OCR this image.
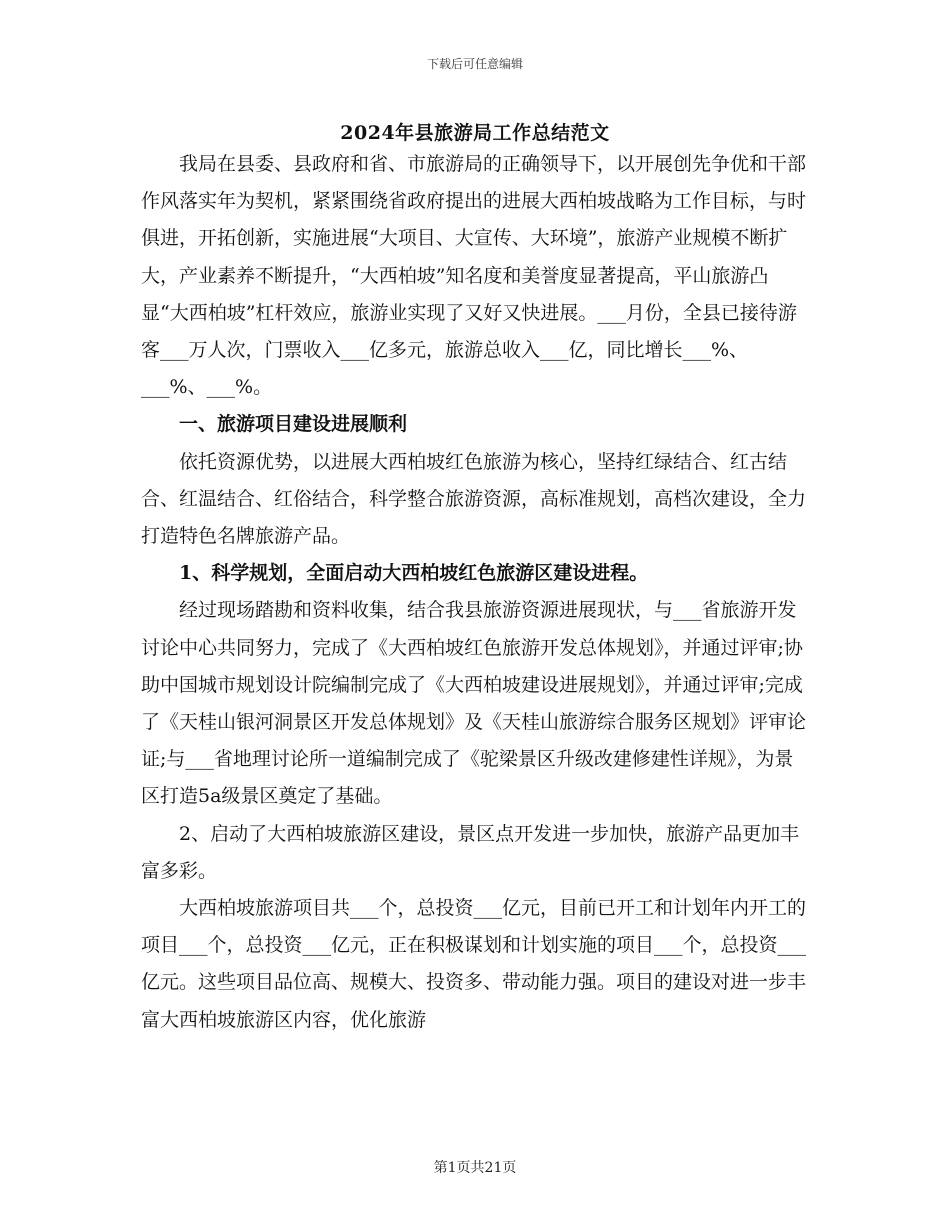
下载后可任意编辑
2024年县旅游局工作总结范文

我局在县委、县政府和省、市旅游局的正确领导下，以开展创先争优和干部作风落实年为契机，紧紧围绕省政府提出的进展大西柏坡战略为工作目标，与时俱进，开拓创新，实施进展“大项目、大宣传、大环境”，旅游产业规模不断扩大，产业素养不断提升，“大西柏坡”知名度和美誉度显著提高，平山旅游凸显“大西柏坡”杠杆效应，旅游业实现了又好又快进展。___月份，全县已接待游客___万人次，门票收入___亿多元，旅游总收入___亿，同比增长___%、___%、___%。

一、旅游项目建设进展顺利

依托资源优势，以进展大西柏坡红色旅游为核心，坚持红绿结合、红古结合、红温结合、红俗结合，科学整合旅游资源，高标准规划，高档次建设，全力打造特色名牌旅游产品。

1、科学规划，全面启动大西柏坡红色旅游区建设进程。

经过现场踏勘和资料收集，结合我县旅游资源进展现状，与___省旅游开发讨论中心共同努力，完成了《大西柏坡红色旅游开发总体规划》，并通过评审;协助中国城市规划设计院编制完成了《大西柏坡建设进展规划》，并通过评审;完成了《天桂山银河洞景区开发总体规划》及《天桂山旅游综合服务区规划》评审论证;与___省地理讨论所一道编制完成了《驼梁景区升级改建修建性详规》，为景区打造5a级景区奠定了基础。

2、启动了大西柏坡旅游区建设，景区点开发进一步加快，旅游产品更加丰富多彩。

大西柏坡旅游项目共___个，总投资___亿元，目前已开工和计划年内开工的项目___个，总投资___亿元，正在积极谋划和计划实施的项目___个，总投资___亿元。这些项目品位高、规模大、投资多、带动能力强。项目的建设对进一步丰富大西柏坡旅游区内容，优化旅游

第1页共21页
